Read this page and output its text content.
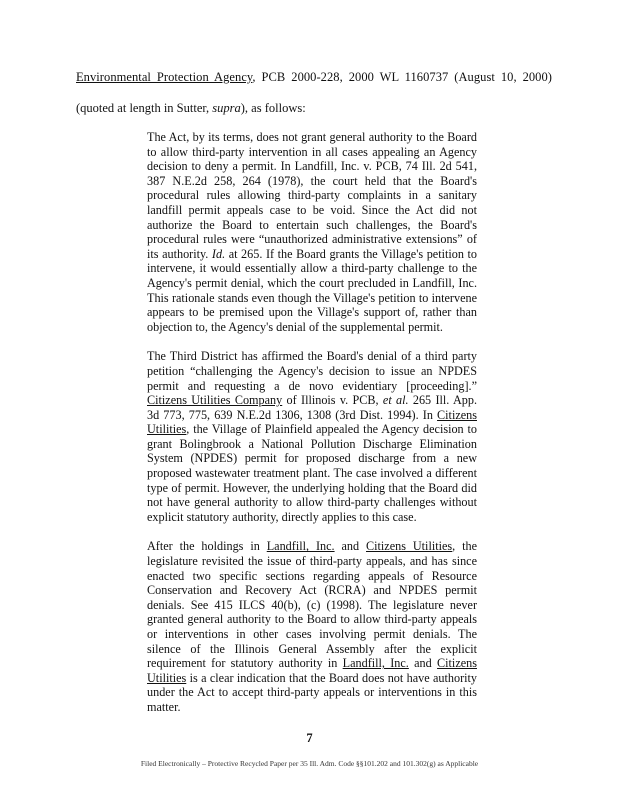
Environmental Protection Agency, PCB 2000-228, 2000 WL 1160737 (August 10, 2000)
(quoted at length in Sutter, supra), as follows:

The Act, by its terms, does not grant general authority to the Board to allow third-party intervention in all cases appealing an Agency decision to deny a permit. In Landfill, Inc. v. PCB, 74 Ill. 2d 541, 387 N.E.2d 258, 264 (1978), the court held that the Board's procedural rules allowing third-party complaints in a sanitary landfill permit appeals case to be void. Since the Act did not authorize the Board to entertain such challenges, the Board's procedural rules were “unauthorized administrative extensions” of its authority. Id. at 265. If the Board grants the Village's petition to intervene, it would essentially allow a third-party challenge to the Agency's permit denial, which the court precluded in Landfill, Inc. This rationale stands even though the Village's petition to intervene appears to be premised upon the Village's support of, rather than objection to, the Agency's denial of the supplemental permit.

The Third District has affirmed the Board's denial of a third party petition “challenging the Agency's decision to issue an NPDES permit and requesting a de novo evidentiary [proceeding].” Citizens Utilities Company of Illinois v. PCB, et al. 265 Ill. App. 3d 773, 775, 639 N.E.2d 1306, 1308 (3rd Dist. 1994). In Citizens Utilities, the Village of Plainfield appealed the Agency decision to grant Bolingbrook a National Pollution Discharge Elimination System (NPDES) permit for proposed discharge from a new proposed wastewater treatment plant. The case involved a different type of permit. However, the underlying holding that the Board did not have general authority to allow third-party challenges without explicit statutory authority, directly applies to this case.

After the holdings in Landfill, Inc. and Citizens Utilities, the legislature revisited the issue of third-party appeals, and has since enacted two specific sections regarding appeals of Resource Conservation and Recovery Act (RCRA) and NPDES permit denials. See 415 ILCS 40(b), (c) (1998). The legislature never granted general authority to the Board to allow third-party appeals or interventions in other cases involving permit denials. The silence of the Illinois General Assembly after the explicit requirement for statutory authority in Landfill, Inc. and Citizens Utilities is a clear indication that the Board does not have authority under the Act to accept third-party appeals or interventions in this matter.

7
Filed Electronically – Protective Recycled Paper per 35 Ill. Adm. Code §§101.202 and 101.302(g) as Applicable
